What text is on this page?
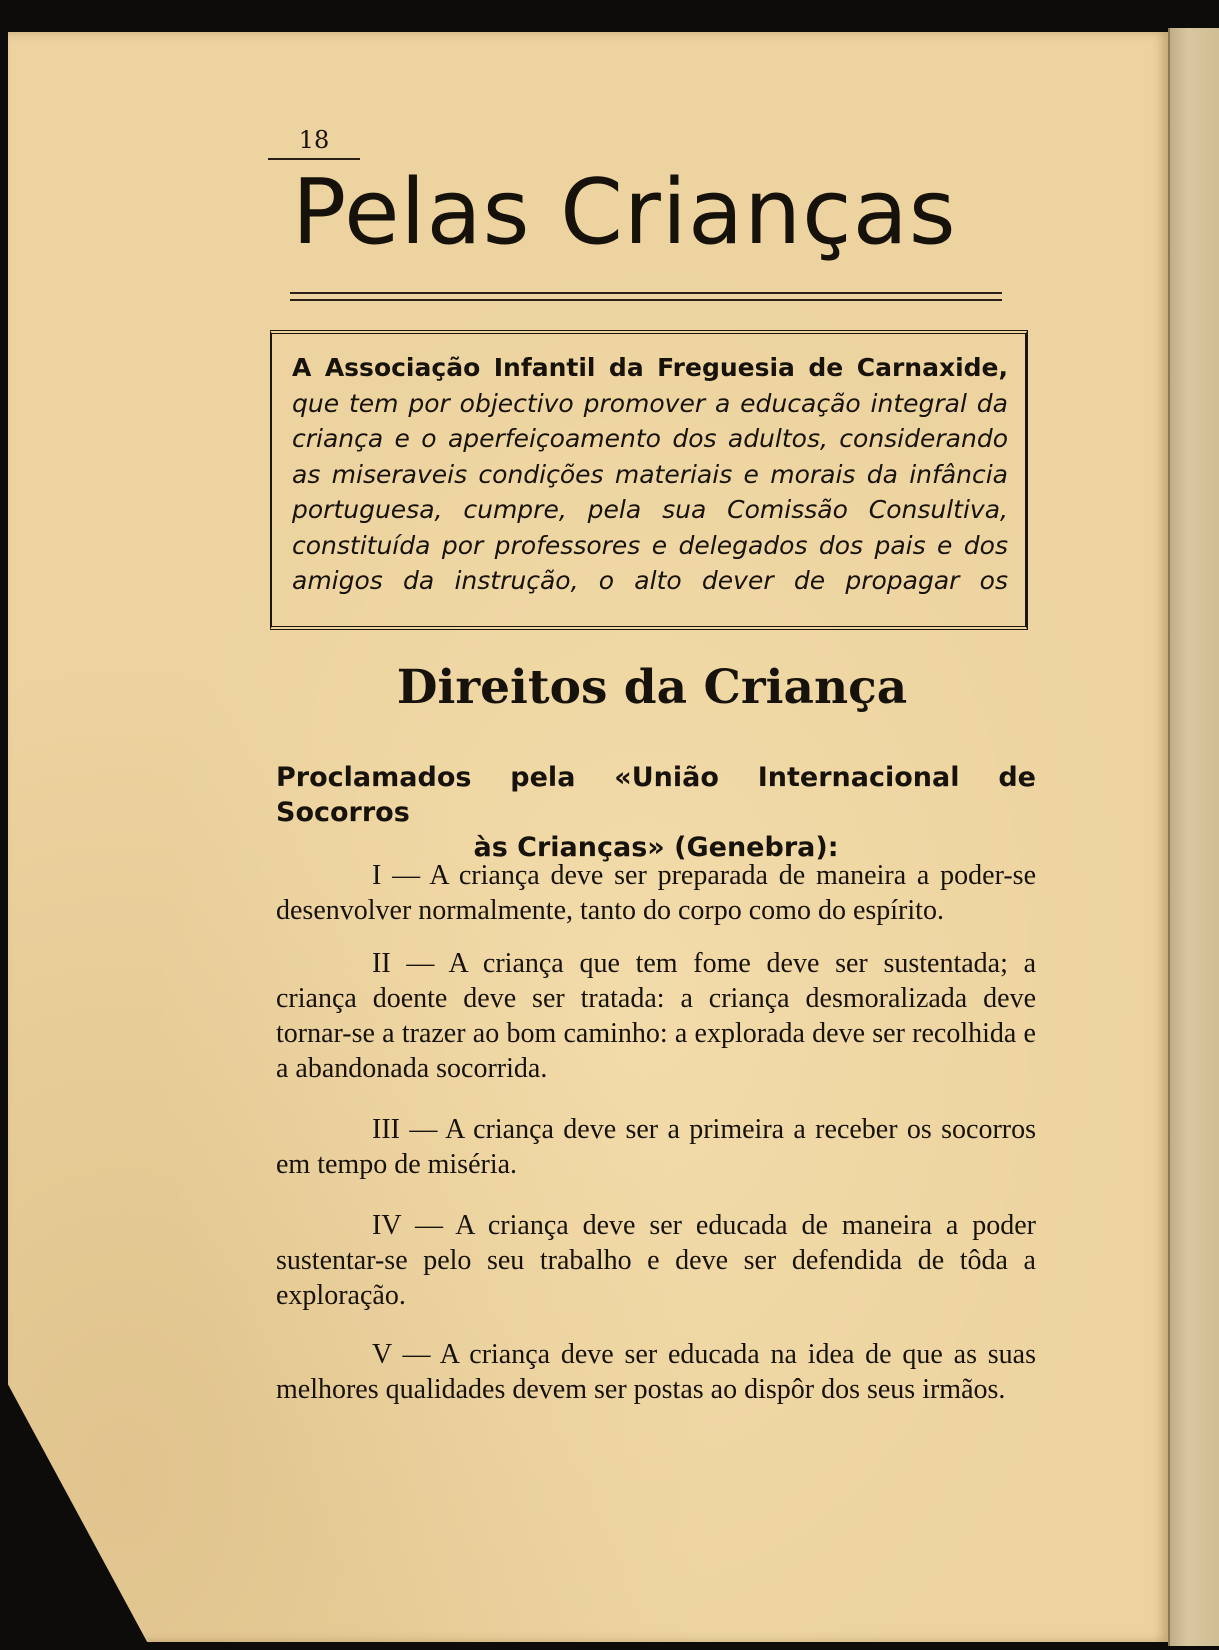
18
Pelas Crianças
A Associação Infantil da Freguesia de Carnaxide, que tem por objectivo promover a educação integral da criança e o aperfeiçoamento dos adultos, considerando as miseraveis condições materiais e morais da infância portuguesa, cumpre, pela sua Comissão Consultiva, constituída por professores e delegados dos pais e dos amigos da instrução, o alto dever de propagar os
Direitos da Criança
Proclamados pela «União Internacional de Socorros
às Crianças» (Genebra):

I — A criança deve ser preparada de maneira a poder-se desenvolver normalmente, tanto do corpo como do espírito.

II — A criança que tem fome deve ser sustentada; a criança doente deve ser tratada: a criança desmoralizada deve tornar-se a trazer ao bom caminho: a explorada deve ser recolhida e a abandonada socorrida.

III — A criança deve ser a primeira a receber os socorros em tempo de miséria.

IV — A criança deve ser educada de maneira a poder sustentar-se pelo seu trabalho e deve ser defendida de tôda a exploração.

V — A criança deve ser educada na idea de que as suas melhores qualidades devem ser postas ao dispôr dos seus irmãos.
